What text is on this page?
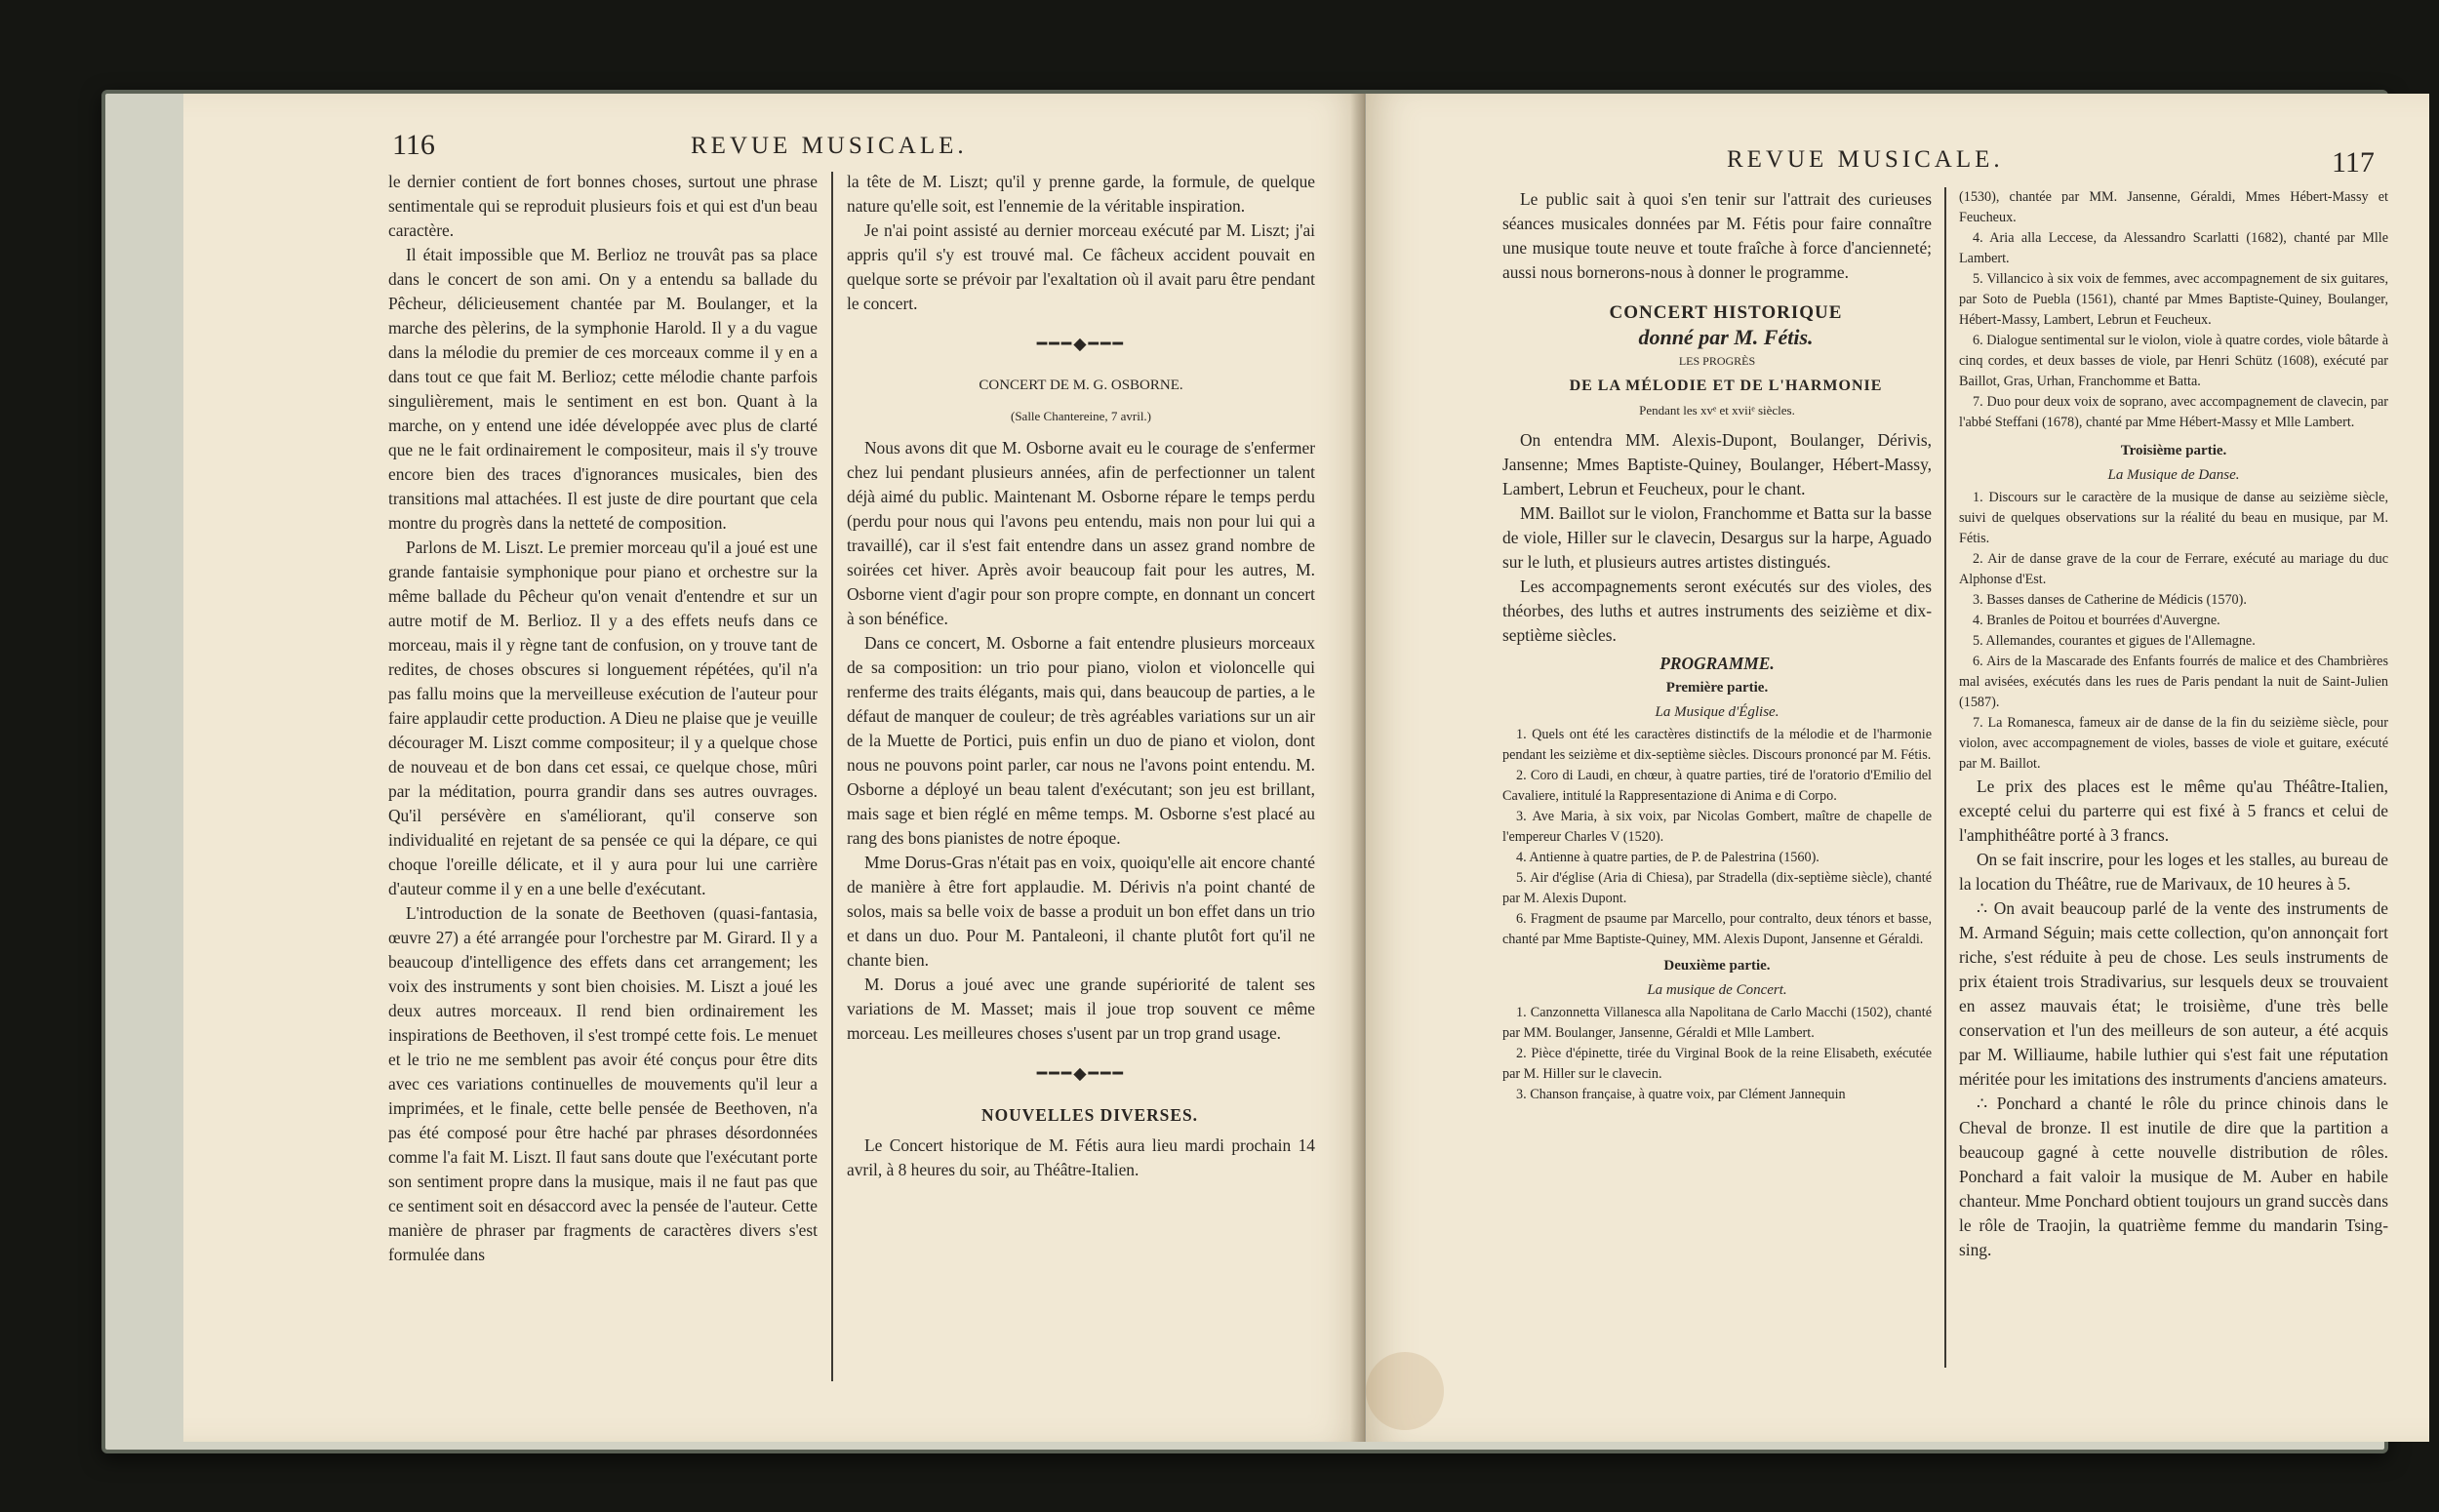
116	REVUE MUSICALE.

le dernier contient de fort bonnes choses, surtout une phrase sentimentale qui se reproduit plusieurs fois et qui est d'un beau caractère.

Il était impossible que M. Berlioz ne trouvât pas sa place dans le concert de son ami. On y a entendu sa ballade du Pêcheur, délicieusement chantée par M. Boulanger, et la marche des pèlerins, de la symphonie Harold. Il y a du vague dans la mélodie du premier de ces morceaux comme il y en a dans tout ce que fait M. Berlioz; cette mélodie chante parfois singulièrement, mais le sentiment en est bon. Quant à la marche, on y entend une idée développée avec plus de clarté que ne le fait ordinairement le compositeur, mais il s'y trouve encore bien des traces d'ignorances musicales, bien des transitions mal attachées. Il est juste de dire pourtant que cela montre du progrès dans la netteté de composition.

Parlons de M. Liszt. Le premier morceau qu'il a joué est une grande fantaisie symphonique pour piano et orchestre sur la même ballade du Pêcheur qu'on venait d'entendre et sur un autre motif de M. Berlioz. Il y a des effets neufs dans ce morceau, mais il y règne tant de confusion, on y trouve tant de redites, de choses obscures si longuement répétées, qu'il n'a pas fallu moins que la merveilleuse exécution de l'auteur pour faire applaudir cette production. A Dieu ne plaise que je veuille décourager M. Liszt comme compositeur; il y a quelque chose de nouveau et de bon dans cet essai, ce quelque chose, mûri par la méditation, pourra grandir dans ses autres ouvrages. Qu'il persévère en s'améliorant, qu'il conserve son individualité en rejetant de sa pensée ce qui la dépare, ce qui choque l'oreille délicate, et il y aura pour lui une carrière d'auteur comme il y en a une belle d'exécutant.

L'introduction de la sonate de Beethoven (quasi-fantasia, œuvre 27) a été arrangée pour l'orchestre par M. Girard. Il y a beaucoup d'intelligence des effets dans cet arrangement; les voix des instruments y sont bien choisies. M. Liszt a joué les deux autres morceaux. Il rend bien ordinairement les inspirations de Beethoven, il s'est trompé cette fois. Le menuet et le trio ne me semblent pas avoir été conçus pour être dits avec ces variations continuelles de mouvements qu'il leur a imprimées, et le finale, cette belle pensée de Beethoven, n'a pas été composé pour être haché par phrases désordonnées comme l'a fait M. Liszt. Il faut sans doute que l'exécutant porte son sentiment propre dans la musique, mais il ne faut pas que ce sentiment soit en désaccord avec la pensée de l'auteur. Cette manière de phraser par fragments de caractères divers s'est formulée dans

la tête de M. Liszt; qu'il y prenne garde, la formule, de quelque nature qu'elle soit, est l'ennemie de la véritable inspiration.

Je n'ai point assisté au dernier morceau exécuté par M. Liszt; j'ai appris qu'il s'y est trouvé mal. Ce fâcheux accident pouvait en quelque sorte se prévoir par l'exaltation où il avait paru être pendant le concert.

━━━◆━━━

CONCERT DE M. G. OSBORNE.

(Salle Chantereine, 7 avril.)

Nous avons dit que M. Osborne avait eu le courage de s'enfermer chez lui pendant plusieurs années, afin de perfectionner un talent déjà aimé du public. Maintenant M. Osborne répare le temps perdu (perdu pour nous qui l'avons peu entendu, mais non pour lui qui a travaillé), car il s'est fait entendre dans un assez grand nombre de soirées cet hiver. Après avoir beaucoup fait pour les autres, M. Osborne vient d'agir pour son propre compte, en donnant un concert à son bénéfice.

Dans ce concert, M. Osborne a fait entendre plusieurs morceaux de sa composition: un trio pour piano, violon et violoncelle qui renferme des traits élégants, mais qui, dans beaucoup de parties, a le défaut de manquer de couleur; de très agréables variations sur un air de la Muette de Portici, puis enfin un duo de piano et violon, dont nous ne pouvons point parler, car nous ne l'avons point entendu. M. Osborne a déployé un beau talent d'exécutant; son jeu est brillant, mais sage et bien réglé en même temps. M. Osborne s'est placé au rang des bons pianistes de notre époque.

Mme Dorus-Gras n'était pas en voix, quoiqu'elle ait encore chanté de manière à être fort applaudie. M. Dérivis n'a point chanté de solos, mais sa belle voix de basse a produit un bon effet dans un trio et dans un duo. Pour M. Pantaleoni, il chante plutôt fort qu'il ne chante bien.

M. Dorus a joué avec une grande supériorité de talent ses variations de M. Masset; mais il joue trop souvent ce même morceau. Les meilleures choses s'usent par un trop grand usage.

━━━◆━━━

NOUVELLES DIVERSES.

Le Concert historique de M. Fétis aura lieu mardi prochain 14 avril, à 8 heures du soir, au Théâtre-Italien.

REVUE MUSICALE.	117

Le public sait à quoi s'en tenir sur l'attrait des curieuses séances musicales données par M. Fétis pour faire connaître une musique toute neuve et toute fraîche à force d'ancienneté; aussi nous bornerons-nous à donner le programme.

CONCERT HISTORIQUE

donné par M. Fétis.

LES PROGRÈS

DE LA MÉLODIE ET DE L'HARMONIE

Pendant les xvᵉ et xviiᵉ siècles.

On entendra MM. Alexis-Dupont, Boulanger, Dérivis, Jansenne; Mmes Baptiste-Quiney, Boulanger, Hébert-Massy, Lambert, Lebrun et Feucheux, pour le chant.

MM. Baillot sur le violon, Franchomme et Batta sur la basse de viole, Hiller sur le clavecin, Desargus sur la harpe, Aguado sur le luth, et plusieurs autres artistes distingués.

Les accompagnements seront exécutés sur des violes, des théorbes, des luths et autres instruments des seizième et dix-septième siècles.

PROGRAMME.

Première partie.

La Musique d'Église.

1. Quels ont été les caractères distinctifs de la mélodie et de l'harmonie pendant les seizième et dix-septième siècles. Discours prononcé par M. Fétis.

2. Coro di Laudi, en chœur, à quatre parties, tiré de l'oratorio d'Emilio del Cavaliere, intitulé la Rappresentazione di Anima e di Corpo.

3. Ave Maria, à six voix, par Nicolas Gombert, maître de chapelle de l'empereur Charles V (1520).

4. Antienne à quatre parties, de P. de Palestrina (1560).

5. Air d'église (Aria di Chiesa), par Stradella (dix-septième siècle), chanté par M. Alexis Dupont.

6. Fragment de psaume par Marcello, pour contralto, deux ténors et basse, chanté par Mme Baptiste-Quiney, MM. Alexis Dupont, Jansenne et Géraldi.

Deuxième partie.

La musique de Concert.

1. Canzonnetta Villanesca alla Napolitana de Carlo Macchi (1502), chanté par MM. Boulanger, Jansenne, Géraldi et Mlle Lambert.

2. Pièce d'épinette, tirée du Virginal Book de la reine Elisabeth, exécutée par M. Hiller sur le clavecin.

3. Chanson française, à quatre voix, par Clément Jannequin

(1530), chantée par MM. Jansenne, Géraldi, Mmes Hébert-Massy et Feucheux.

4. Aria alla Leccese, da Alessandro Scarlatti (1682), chanté par Mlle Lambert.

5. Villancico à six voix de femmes, avec accompagnement de six guitares, par Soto de Puebla (1561), chanté par Mmes Baptiste-Quiney, Boulanger, Hébert-Massy, Lambert, Lebrun et Feucheux.

6. Dialogue sentimental sur le violon, viole à quatre cordes, viole bâtarde à cinq cordes, et deux basses de viole, par Henri Schütz (1608), exécuté par Baillot, Gras, Urhan, Franchomme et Batta.

7. Duo pour deux voix de soprano, avec accompagnement de clavecin, par l'abbé Steffani (1678), chanté par Mme Hébert-Massy et Mlle Lambert.

Troisième partie.

La Musique de Danse.

1. Discours sur le caractère de la musique de danse au seizième siècle, suivi de quelques observations sur la réalité du beau en musique, par M. Fétis.

2. Air de danse grave de la cour de Ferrare, exécuté au mariage du duc Alphonse d'Est.

3. Basses danses de Catherine de Médicis (1570).

4. Branles de Poitou et bourrées d'Auvergne.

5. Allemandes, courantes et gigues de l'Allemagne.

6. Airs de la Mascarade des Enfants fourrés de malice et des Chambrières mal avisées, exécutés dans les rues de Paris pendant la nuit de Saint-Julien (1587).

7. La Romanesca, fameux air de danse de la fin du seizième siècle, pour violon, avec accompagnement de violes, basses de viole et guitare, exécuté par M. Baillot.

Le prix des places est le même qu'au Théâtre-Italien, excepté celui du parterre qui est fixé à 5 francs et celui de l'amphithéâtre porté à 3 francs.

On se fait inscrire, pour les loges et les stalles, au bureau de la location du Théâtre, rue de Marivaux, de 10 heures à 5.

∴ On avait beaucoup parlé de la vente des instruments de M. Armand Séguin; mais cette collection, qu'on annonçait fort riche, s'est réduite à peu de chose. Les seuls instruments de prix étaient trois Stradivarius, sur lesquels deux se trouvaient en assez mauvais état; le troisième, d'une très belle conservation et l'un des meilleurs de son auteur, a été acquis par M. Williaume, habile luthier qui s'est fait une réputation méritée pour les imitations des instruments d'anciens amateurs.

∴ Ponchard a chanté le rôle du prince chinois dans le Cheval de bronze. Il est inutile de dire que la partition a beaucoup gagné à cette nouvelle distribution de rôles. Ponchard a fait valoir la musique de M. Auber en habile chanteur. Mme Ponchard obtient toujours un grand succès dans le rôle de Traojin, la quatrième femme du mandarin Tsing-sing.
